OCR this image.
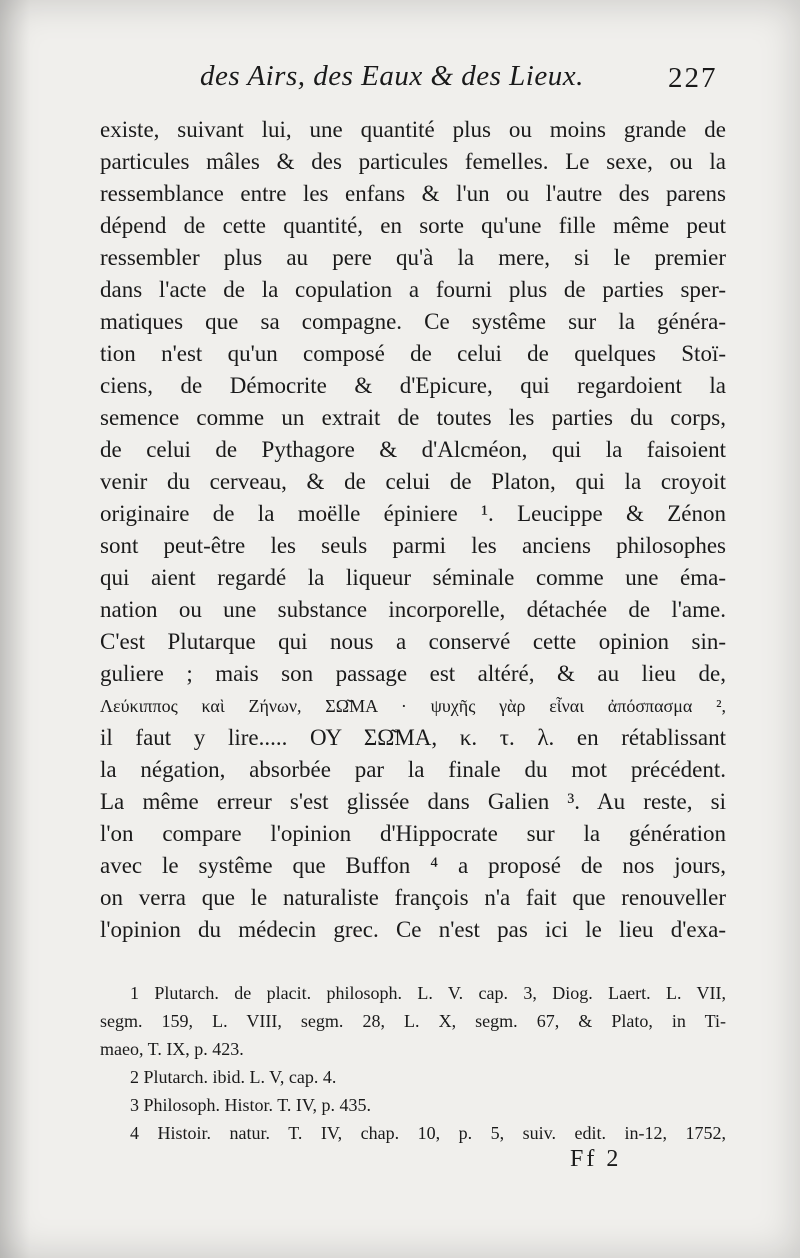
des Airs, des Eaux & des Lieux.	227
existe, suivant lui, une quantité plus ou moins grande de
particules mâles & des particules femelles. Le sexe, ou la
ressemblance entre les enfans & l'un ou l'autre des parens
dépend de cette quantité, en sorte qu'une fille même peut
ressembler plus au pere qu'à la mere, si le premier
dans l'acte de la copulation a fourni plus de parties sper-
matiques que sa compagne. Ce systême sur la généra-
tion n'est qu'un composé de celui de quelques Stoï-
ciens, de Démocrite & d'Epicure, qui regardoient la
semence comme un extrait de toutes les parties du corps,
de celui de Pythagore & d'Alcméon, qui la faisoient
venir du cerveau, & de celui de Platon, qui la croyoit
originaire de la moëlle épiniere ¹. Leucippe & Zénon
sont peut-être les seuls parmi les anciens philosophes
qui aient regardé la liqueur séminale comme une éma-
nation ou une substance incorporelle, détachée de l'ame.
C'est Plutarque qui nous a conservé cette opinion sin-
guliere ; mais son passage est altéré, & au lieu de,
Λεύκιππος καὶ Ζήνων, ΣΩ͂ΜΑ · ψυχῆς γὰρ εἶναι ἀπόσπασμα ²,
il faut y lire..... ΟΥ ΣΩ͂ΜΑ, κ. τ. λ. en rétablissant
la négation, absorbée par la finale du mot précédent.
La même erreur s'est glissée dans Galien ³. Au reste, si
l'on compare l'opinion d'Hippocrate sur la génération
avec le systême que Buffon ⁴ a proposé de nos jours,
on verra que le naturaliste françois n'a fait que renouveller
l'opinion du médecin grec. Ce n'est pas ici le lieu d'exa-
1 Plutarch. de placit. philosoph. L. V. cap. 3, Diog. Laert. L. VII,
segm. 159, L. VIII, segm. 28, L. X, segm. 67, & Plato, in Ti-
maeo, T. IX, p. 423.
2 Plutarch. ibid. L. V, cap. 4.
3 Philosoph. Histor. T. IV, p. 435.
4 Histoir. natur. T. IV, chap. 10, p. 5, suiv. edit. in-12, 1752,
Ff 2
